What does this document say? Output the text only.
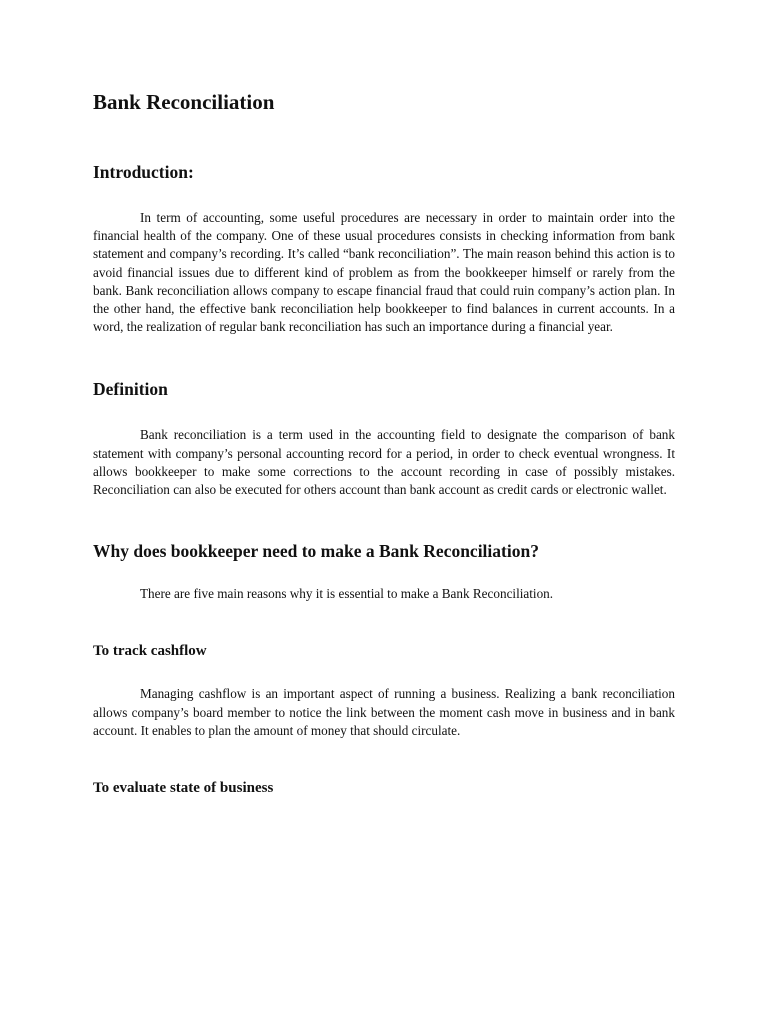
Bank Reconciliation
Introduction:

In term of accounting, some useful procedures are necessary in order to maintain order into the financial health of the company. One of these usual procedures consists in checking information from bank statement and company’s recording. It’s called “bank reconciliation”. The main reason behind this action is to avoid financial issues due to different kind of problem as from the bookkeeper himself or rarely from the bank. Bank reconciliation allows company to escape financial fraud that could ruin company’s action plan. In the other hand, the effective bank reconciliation help bookkeeper to find balances in current accounts. In a word, the realization of regular bank reconciliation has such an importance during a financial year.

Definition

Bank reconciliation is a term used in the accounting field to designate the comparison of bank statement with company’s personal accounting record for a period, in order to check eventual wrongness. It allows bookkeeper to make some corrections to the account recording in case of possibly mistakes. Reconciliation can also be executed for others account than bank account as credit cards or electronic wallet.

Why does bookkeeper need to make a Bank Reconciliation?

There are five main reasons why it is essential to make a Bank Reconciliation.

To track cashflow

Managing cashflow is an important aspect of running a business. Realizing a bank reconciliation allows company’s board member to notice the link between the moment cash move in business and in bank account. It enables to plan the amount of money that should circulate.

To evaluate state of business
